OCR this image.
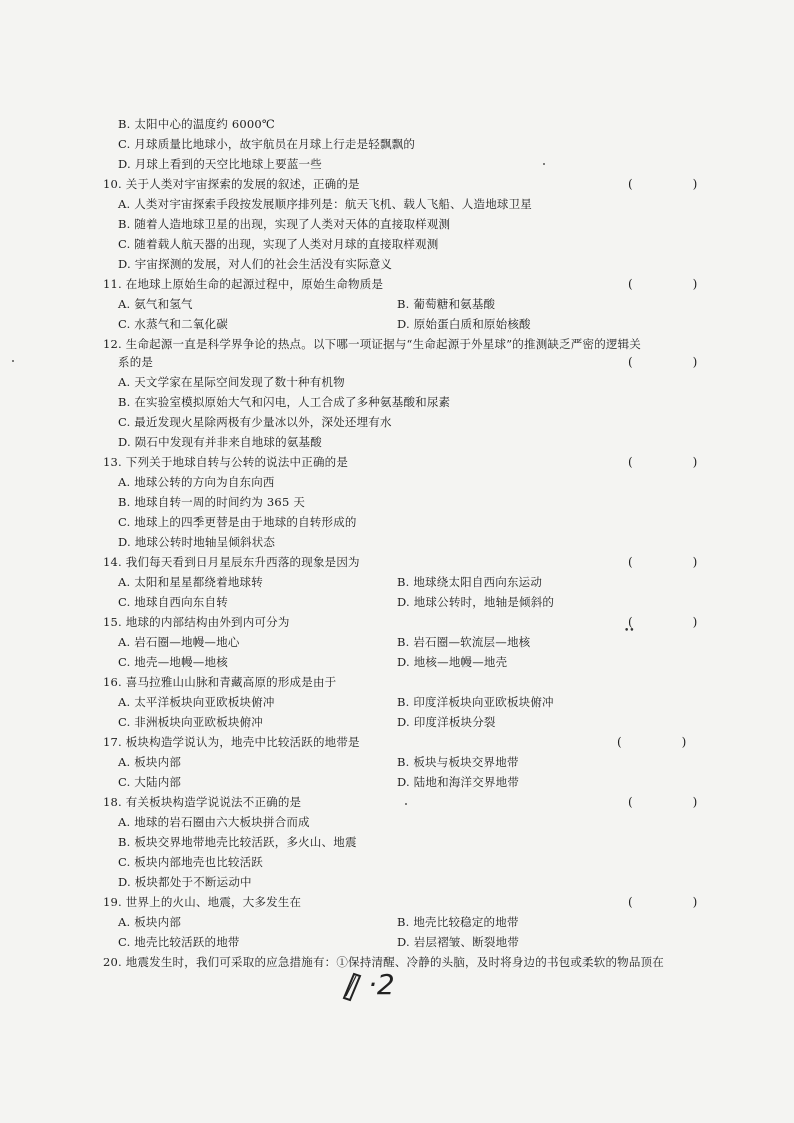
B. 太阳中心的温度约 6000℃
C. 月球质量比地球小，故宇航员在月球上行走是轻飘飘的
D. 月球上看到的天空比地球上要蓝一些
10. 关于人类对宇宙探索的发展的叙述，正确的是
A. 人类对宇宙探索手段按发展顺序排列是：航天飞机、载人飞船、人造地球卫星
B. 随着人造地球卫星的出现，实现了人类对天体的直接取样观测
C. 随着载人航天器的出现，实现了人类对月球的直接取样观测
D. 宇宙探测的发展，对人们的社会生活没有实际意义
11. 在地球上原始生命的起源过程中，原始生命物质是
A. 氨气和氢气	B. 葡萄糖和氨基酸
C. 水蒸气和二氧化碳	D. 原始蛋白质和原始核酸
12. 生命起源一直是科学界争论的热点。以下哪一项证据与“生命起源于外星球”的推测缺乏严密的逻辑关
系的是
A. 天文学家在星际空间发现了数十种有机物
B. 在实验室模拟原始大气和闪电，人工合成了多种氨基酸和尿素
C. 最近发现火星除两极有少量冰以外，深处还埋有水
D. 陨石中发现有并非来自地球的氨基酸
13. 下列关于地球自转与公转的说法中正确的是
A. 地球公转的方向为自东向西
B. 地球自转一周的时间约为 365 天
C. 地球上的四季更替是由于地球的自转形成的
D. 地球公转时地轴呈倾斜状态
14. 我们每天看到日月星辰东升西落的现象是因为
A. 太阳和星星都绕着地球转	B. 地球绕太阳自西向东运动
C. 地球自西向东自转	D. 地球公转时，地轴是倾斜的
15. 地球的内部结构由外到内可分为
A. 岩石圈—地幔—地心	B. 岩石圈—软流层—地核
C. 地壳—地幔—地核	D. 地核—地幔—地壳
16. 喜马拉雅山山脉和青藏高原的形成是由于
A. 太平洋板块向亚欧板块俯冲	B. 印度洋板块向亚欧板块俯冲
C. 非洲板块向亚欧板块俯冲	D. 印度洋板块分裂
17. 板块构造学说认为，地壳中比较活跃的地带是
A. 板块内部	B. 板块与板块交界地带
C. 大陆内部	D. 陆地和海洋交界地带
18. 有关板块构造学说说法不正确的是
A. 地球的岩石圈由六大板块拼合而成
B. 板块交界地带地壳比较活跃，多火山、地震
C. 板块内部地壳也比较活跃
D. 板块都处于不断运动中
19. 世界上的火山、地震，大多发生在
A. 板块内部	B. 地壳比较稳定的地带
C. 地壳比较活跃的地带	D. 岩层褶皱、断裂地带
20. 地震发生时，我们可采取的应急措施有：①保持清醒、冷静的头脑，及时将身边的书包或柔软的物品顶在
(　)
(　)
(　)
(　)
(　)
(　)
(　)
(　)
(　)
·2
••
